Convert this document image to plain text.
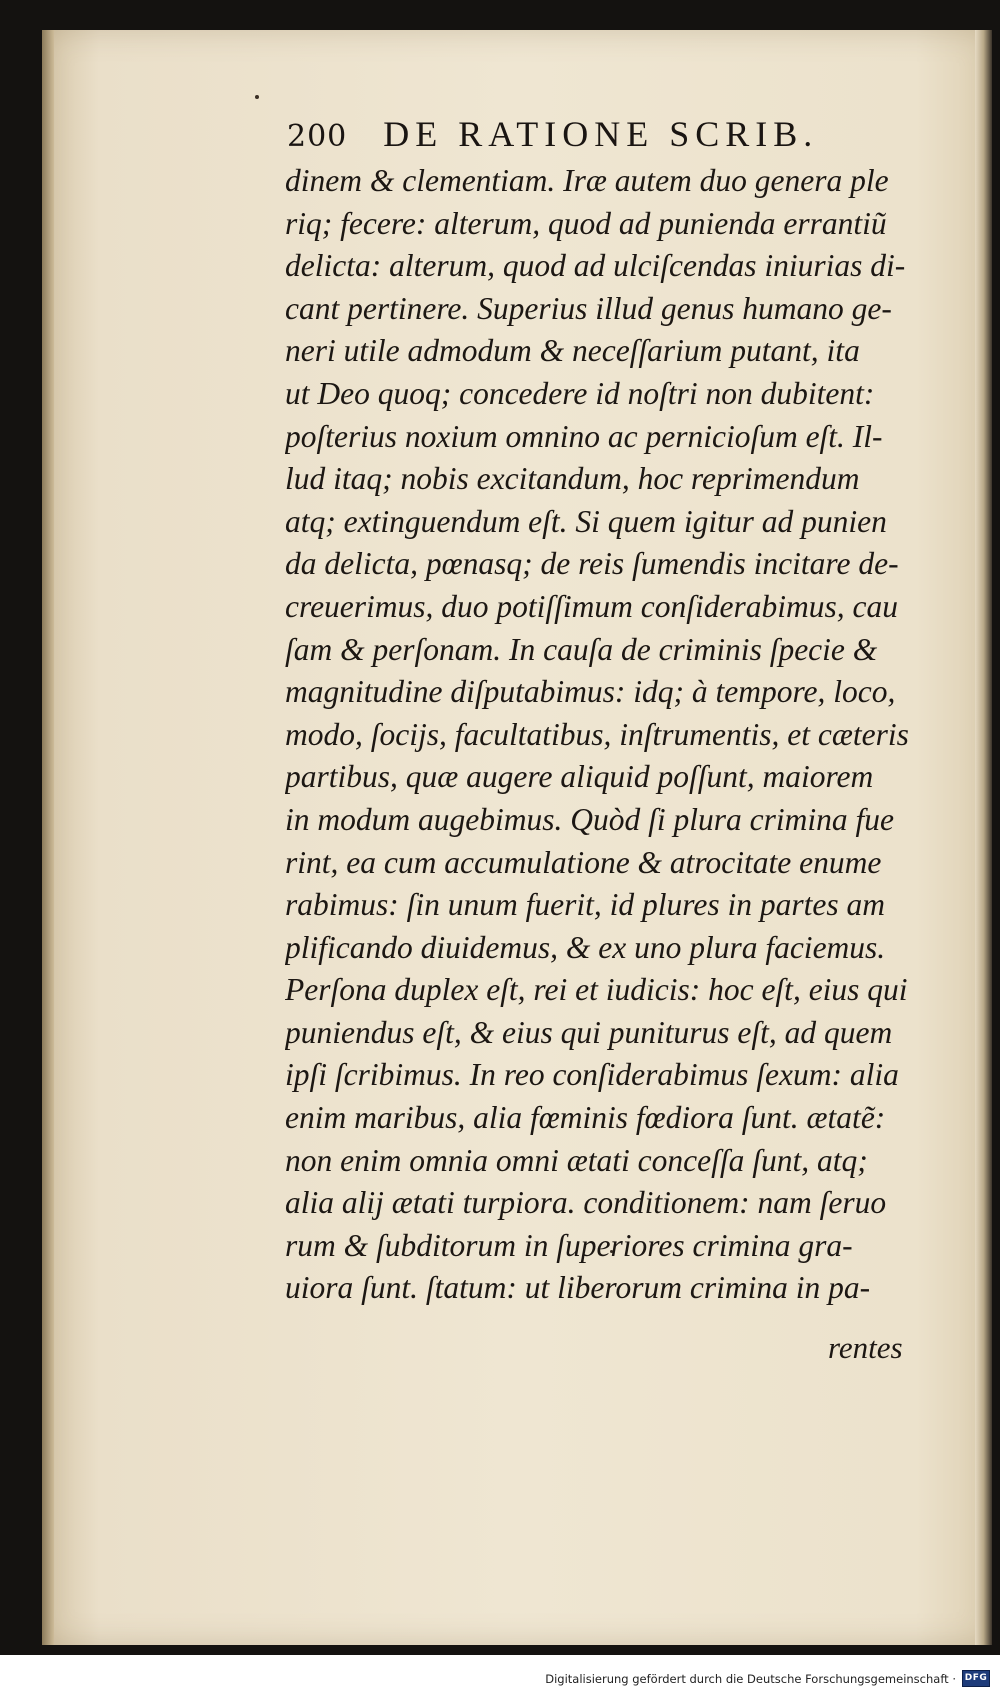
200 DE RATIONE SCRIB.
dinem & clementiam. Iræ autem duo genera ple
riq; fecere: alterum, quod ad punienda errantiũ
delicta: alterum, quod ad ulciſcendas iniurias di-
cant pertinere. Superius illud genus humano ge-
neri utile admodum & neceſſarium putant, ita
ut Deo quoq; concedere id noſtri non dubitent:
poſterius noxium omnino ac pernicioſum eſt. Il-
lud itaq; nobis excitandum, hoc reprimendum
atq; extinguendum eſt. Si quem igitur ad punien
da delicta, pœnasq; de reis ſumendis incitare de-
creuerimus, duo potiſſimum conſiderabimus, cau
ſam & perſonam. In cauſa de criminis ſpecie &
magnitudine diſputabimus: idq; à tempore, loco,
modo, ſocijs, facultatibus, inſtrumentis, et cæteris
partibus, quæ augere aliquid poſſunt, maiorem
in modum augebimus. Quòd ſi plura crimina fue
rint, ea cum accumulatione & atrocitate enume
rabimus: ſin unum fuerit, id plures in partes am
plificando diuidemus, & ex uno plura faciemus.
Perſona duplex eſt, rei et iudicis: hoc eſt, eius qui
puniendus eſt, & eius qui puniturus eſt, ad quem
ipſi ſcribimus. In reo conſiderabimus ſexum: alia
enim maribus, alia fœminis fœdiora ſunt. ætatẽ:
non enim omnia omni ætati conceſſa ſunt, atq;
alia alij ætati turpiora. conditionem: nam ſeruo
rum & ſubditorum in ſuperiores crimina gra-
uiora ſunt. ſtatum: ut liberorum crimina in pa-
rentes
Digitalisierung gefördert durch die Deutsche Forschungsgemeinschaft · DFG
